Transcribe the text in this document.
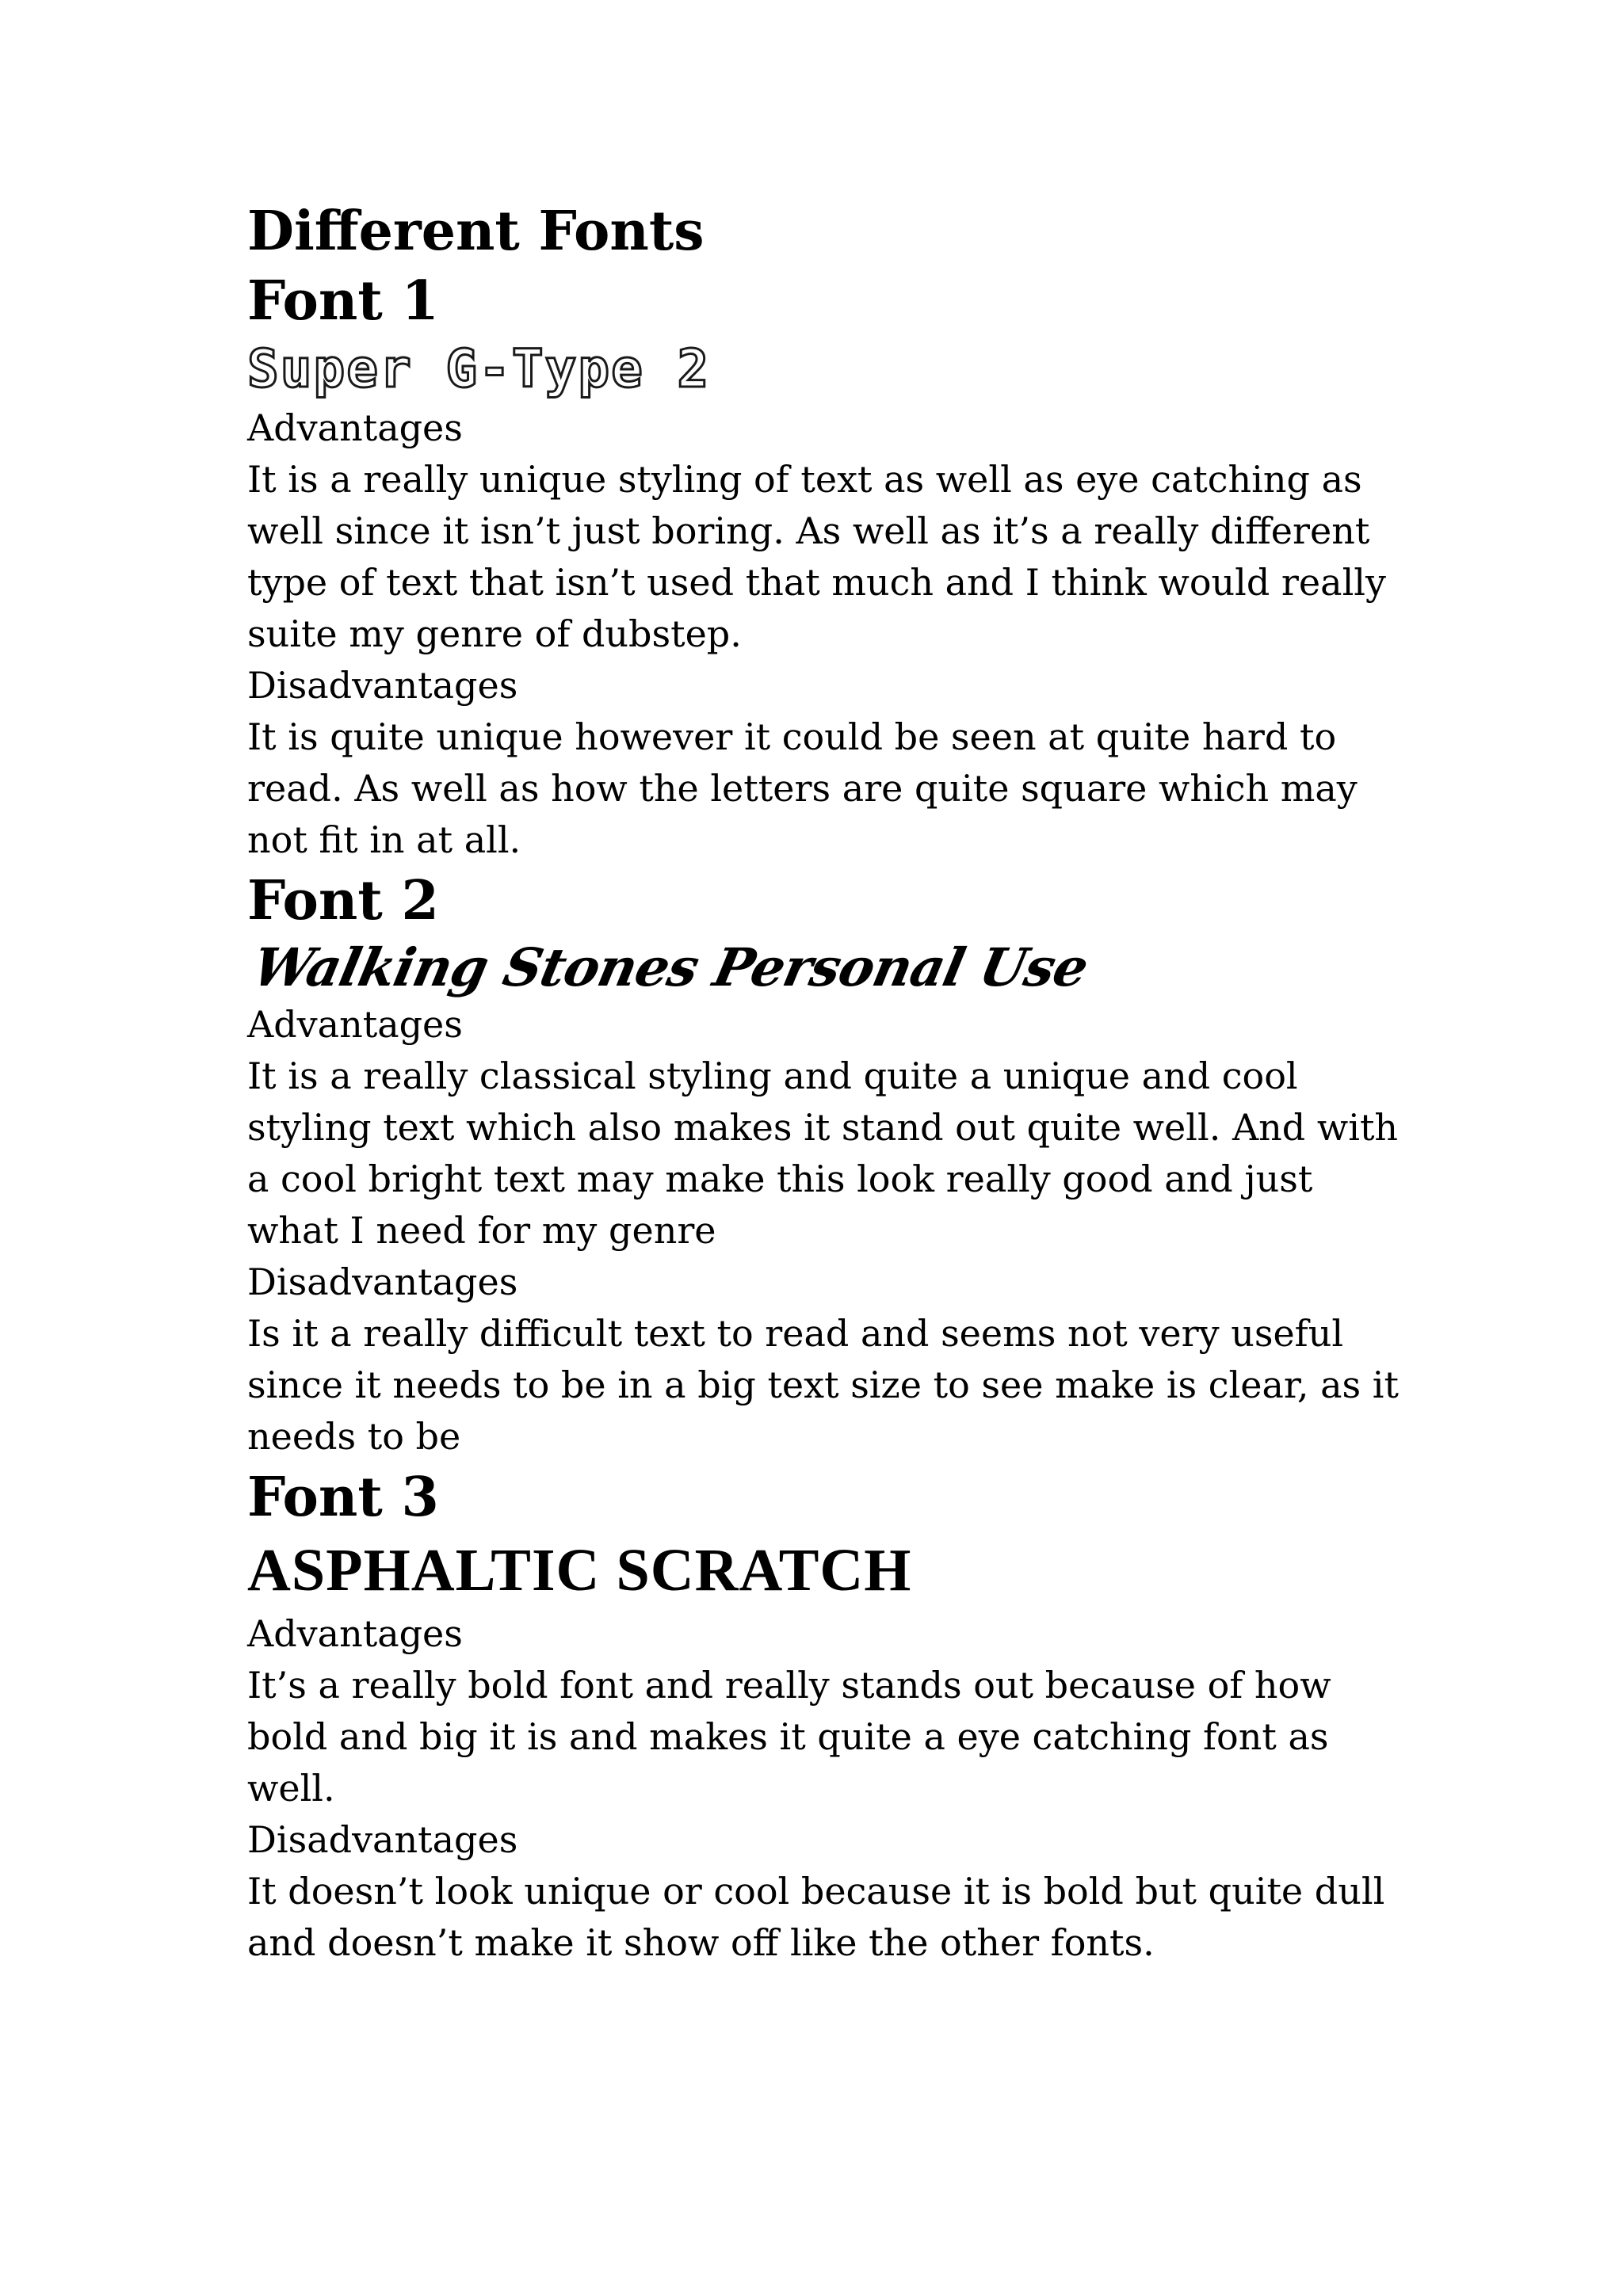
Different Fonts
Font 1
Super G-Type 2

Advantages

It is a really unique styling of text as well as eye catching as well since it isn’t just boring. As well as it’s a really different type of text that isn’t used that much and I think would really suite my genre of dubstep.

Disadvantages

It is quite unique however it could be seen at quite hard to read. As well as how the letters are quite square which may not fit in at all.

Font 2
Walking Stones Personal Use

Advantages

It is a really classical styling and quite a unique and cool styling text which also makes it stand out quite well. And with a cool bright text may make this look really good and just what I need for my genre

Disadvantages

Is it a really difficult text to read and seems not very useful since it needs to be in a big text size to see make is clear, as it needs to be

Font 3
ASPHALTIC SCRATCH

Advantages

It’s a really bold font and really stands out because of how bold and big it is and makes it quite a eye catching font as well.

Disadvantages

It doesn’t look unique or cool because it is bold but quite dull and doesn’t make it show off like the other fonts.
